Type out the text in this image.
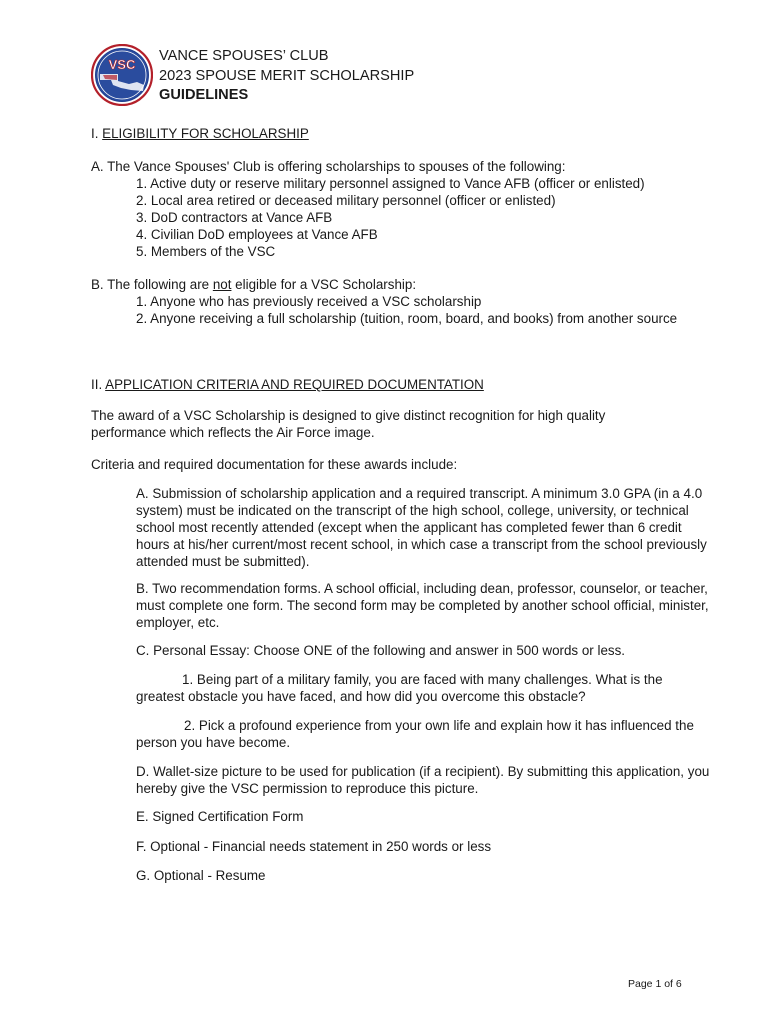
VSC
VANCE SPOUSES’ CLUB
2023 SPOUSE MERIT SCHOLARSHIP
GUIDELINES
I. ELIGIBILITY FOR SCHOLARSHIP
A. The Vance Spouses' Club is offering scholarships to spouses of the following:
1. Active duty or reserve military personnel assigned to Vance AFB (officer or enlisted)
2. Local area retired or deceased military personnel (officer or enlisted)
3. DoD contractors at Vance AFB
4. Civilian DoD employees at Vance AFB
5. Members of the VSC
B. The following are not eligible for a VSC Scholarship:
1. Anyone who has previously received a VSC scholarship
2. Anyone receiving a full scholarship (tuition, room, board, and books) from another source
II. APPLICATION CRITERIA AND REQUIRED DOCUMENTATION
The award of a VSC Scholarship is designed to give distinct recognition for high quality performance which reflects the Air Force image.
Criteria and required documentation for these awards include:
A. Submission of scholarship application and a required transcript. A minimum 3.0 GPA (in a 4.0 system) must be indicated on the transcript of the high school, college, university, or technical school most recently attended (except when the applicant has completed fewer than 6 credit hours at his/her current/most recent school, in which case a transcript from the school previously attended must be submitted).
B. Two recommendation forms. A school official, including dean, professor, counselor, or teacher, must complete one form. The second form may be completed by another school official, minister, employer, etc.
C. Personal Essay: Choose ONE of the following and answer in 500 words or less.
1. Being part of a military family, you are faced with many challenges. What is the greatest obstacle you have faced, and how did you overcome this obstacle?
2. Pick a profound experience from your own life and explain how it has influenced the person you have become.
D. Wallet-size picture to be used for publication (if a recipient). By submitting this application, you hereby give the VSC permission to reproduce this picture.
E. Signed Certification Form
F. Optional - Financial needs statement in 250 words or less
G. Optional - Resume
Page 1 of 6
